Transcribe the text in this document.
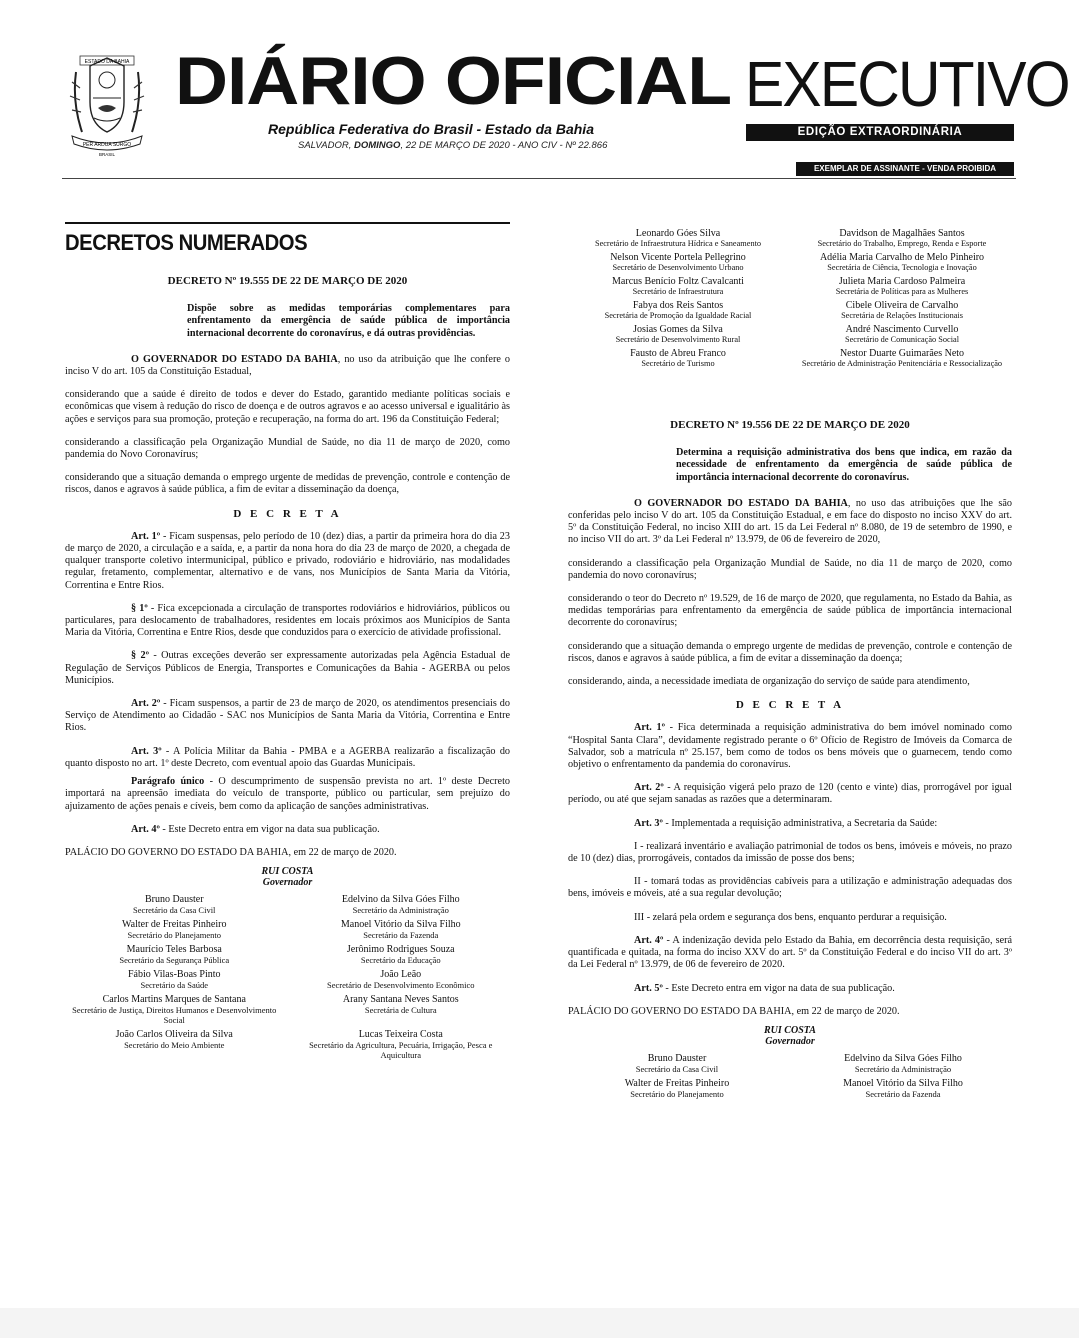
ESTADO DA BAHIA
PER ARDUA SURGO
BRASIL
DIÁRIO OFICIAL EXECUTIVO
República Federativa do Brasil - Estado da Bahia
SALVADOR, DOMINGO, 22 DE MARÇO DE 2020 - ANO CIV - Nº 22.866
EDIÇÃO EXTRAORDINÁRIA
EXEMPLAR DE ASSINANTE - VENDA PROIBIDA
DECRETOS NUMERADOS
DECRETO Nº 19.555 DE 22 DE MARÇO DE 2020
Dispõe sobre as medidas temporárias complementares para enfrentamento da emergência de saúde pública de importância internacional decorrente do coronavírus, e dá outras providências.
O GOVERNADOR DO ESTADO DA BAHIA, no uso da atribuição que lhe confere o inciso V do art. 105 da Constituição Estadual,
considerando que a saúde é direito de todos e dever do Estado, garantido mediante políticas sociais e econômicas que visem à redução do risco de doença e de outros agravos e ao acesso universal e igualitário às ações e serviços para sua promoção, proteção e recuperação, na forma do art. 196 da Constituição Federal;
considerando a classificação pela Organização Mundial de Saúde, no dia 11 de março de 2020, como pandemia do Novo Coronavírus;
considerando que a situação demanda o emprego urgente de medidas de prevenção, controle e contenção de riscos, danos e agravos à saúde pública, a fim de evitar a disseminação da doença,
D E C R E T A
Art. 1º - Ficam suspensas, pelo período de 10 (dez) dias, a partir da primeira hora do dia 23 de março de 2020, a circulação e a saída, e, a partir da nona hora do dia 23 de março de 2020, a chegada de qualquer transporte coletivo intermunicipal, público e privado, rodoviário e hidroviário, nas modalidades regular, fretamento, complementar, alternativo e de vans, nos Municípios de Santa Maria da Vitória, Correntina e Entre Rios.
§ 1º - Fica excepcionada a circulação de transportes rodoviários e hidroviários, públicos ou particulares, para deslocamento de trabalhadores, residentes em locais próximos aos Municípios de Santa Maria da Vitória, Correntina e Entre Rios, desde que conduzidos para o exercício de atividade profissional.
§ 2º - Outras exceções deverão ser expressamente autorizadas pela Agência Estadual de Regulação de Serviços Públicos de Energia, Transportes e Comunicações da Bahia - AGERBA ou pelos Municípios.
Art. 2º - Ficam suspensos, a partir de 23 de março de 2020, os atendimentos presenciais do Serviço de Atendimento ao Cidadão - SAC nos Municípios de Santa Maria da Vitória, Correntina e Entre Rios.
Art. 3º - A Polícia Militar da Bahia - PMBA e a AGERBA realizarão a fiscalização do quanto disposto no art. 1º deste Decreto, com eventual apoio das Guardas Municipais.
Parágrafo único - O descumprimento de suspensão prevista no art. 1º deste Decreto importará na apreensão imediata do veículo de transporte, público ou particular, sem prejuízo do ajuizamento de ações penais e cíveis, bem como da aplicação de sanções administrativas.
Art. 4º - Este Decreto entra em vigor na data sua publicação.
PALÁCIO DO GOVERNO DO ESTADO DA BAHIA, em 22 de março de 2020.
RUI COSTA
Governador
Bruno Dauster
Secretário da Casa Civil
Edelvino da Silva Góes Filho
Secretário da Administração
Walter de Freitas Pinheiro
Secretário do Planejamento
Manoel Vitório da Silva Filho
Secretário da Fazenda
Maurício Teles Barbosa
Secretário da Segurança Pública
Jerônimo Rodrigues Souza
Secretário da Educação
Fábio Vilas-Boas Pinto
Secretário da Saúde
João Leão
Secretário de Desenvolvimento Econômico
Carlos Martins Marques de Santana
Secretário de Justiça, Direitos Humanos e Desenvolvimento Social
Arany Santana Neves Santos
Secretária de Cultura
João Carlos Oliveira da Silva
Secretário do Meio Ambiente
Lucas Teixeira Costa
Secretário da Agricultura, Pecuária, Irrigação, Pesca e Aquicultura
Leonardo Góes Silva
Secretário de Infraestrutura Hídrica e Saneamento
Davidson de Magalhães Santos
Secretário do Trabalho, Emprego, Renda e Esporte
Nelson Vicente Portela Pellegrino
Secretário de Desenvolvimento Urbano
Adélia Maria Carvalho de Melo Pinheiro
Secretária de Ciência, Tecnologia e Inovação
Marcus Benício Foltz Cavalcanti
Secretário de Infraestrutura
Julieta Maria Cardoso Palmeira
Secretária de Políticas para as Mulheres
Fabya dos Reis Santos
Secretária de Promoção da Igualdade Racial
Cibele Oliveira de Carvalho
Secretária de Relações Institucionais
Josias Gomes da Silva
Secretário de Desenvolvimento Rural
André Nascimento Curvello
Secretário de Comunicação Social
Fausto de Abreu Franco
Secretário de Turismo
Nestor Duarte Guimarães Neto
Secretário de Administração Penitenciária e Ressocialização
DECRETO Nº 19.556 DE 22 DE MARÇO DE 2020
Determina a requisição administrativa dos bens que indica, em razão da necessidade de enfrentamento da emergência de saúde pública de importância internacional decorrente do coronavírus.
O GOVERNADOR DO ESTADO DA BAHIA, no uso das atribuições que lhe são conferidas pelo inciso V do art. 105 da Constituição Estadual, e em face do disposto no inciso XXV do art. 5º da Constituição Federal, no inciso XIII do art. 15 da Lei Federal nº 8.080, de 19 de setembro de 1990, e no inciso VII do art. 3º da Lei Federal nº 13.979, de 06 de fevereiro de 2020,
considerando a classificação pela Organização Mundial de Saúde, no dia 11 de março de 2020, como pandemia do novo coronavírus;
considerando o teor do Decreto nº 19.529, de 16 de março de 2020, que regulamenta, no Estado da Bahia, as medidas temporárias para enfrentamento da emergência de saúde pública de importância internacional decorrente do coronavírus;
considerando que a situação demanda o emprego urgente de medidas de prevenção, controle e contenção de riscos, danos e agravos à saúde pública, a fim de evitar a disseminação da doença;
considerando, ainda, a necessidade imediata de organização do serviço de saúde para atendimento,
D E C R E T A
Art. 1º - Fica determinada a requisição administrativa do bem imóvel nominado como “Hospital Santa Clara”, devidamente registrado perante o 6º Ofício de Registro de Imóveis da Comarca de Salvador, sob a matrícula nº 25.157, bem como de todos os bens móveis que o guarnecem, tendo como objetivo o enfrentamento da pandemia do coronavírus.
Art. 2º - A requisição vigerá pelo prazo de 120 (cento e vinte) dias, prorrogável por igual período, ou até que sejam sanadas as razões que a determinaram.
Art. 3º - Implementada a requisição administrativa, a Secretaria da Saúde:
I - realizará inventário e avaliação patrimonial de todos os bens, imóveis e móveis, no prazo de 10 (dez) dias, prorrogáveis, contados da imissão de posse dos bens;
II - tomará todas as providências cabíveis para a utilização e administração adequadas dos bens, imóveis e móveis, até a sua regular devolução;
III - zelará pela ordem e segurança dos bens, enquanto perdurar a requisição.
Art. 4º - A indenização devida pelo Estado da Bahia, em decorrência desta requisição, será quantificada e quitada, na forma do inciso XXV do art. 5º da Constituição Federal e do inciso VII do art. 3º da Lei Federal nº 13.979, de 06 de fevereiro de 2020.
Art. 5º - Este Decreto entra em vigor na data de sua publicação.
PALÁCIO DO GOVERNO DO ESTADO DA BAHIA, em 22 de março de 2020.
RUI COSTA
Governador
Bruno Dauster
Secretário da Casa Civil
Edelvino da Silva Góes Filho
Secretário da Administração
Walter de Freitas Pinheiro
Secretário do Planejamento
Manoel Vitório da Silva Filho
Secretário da Fazenda
